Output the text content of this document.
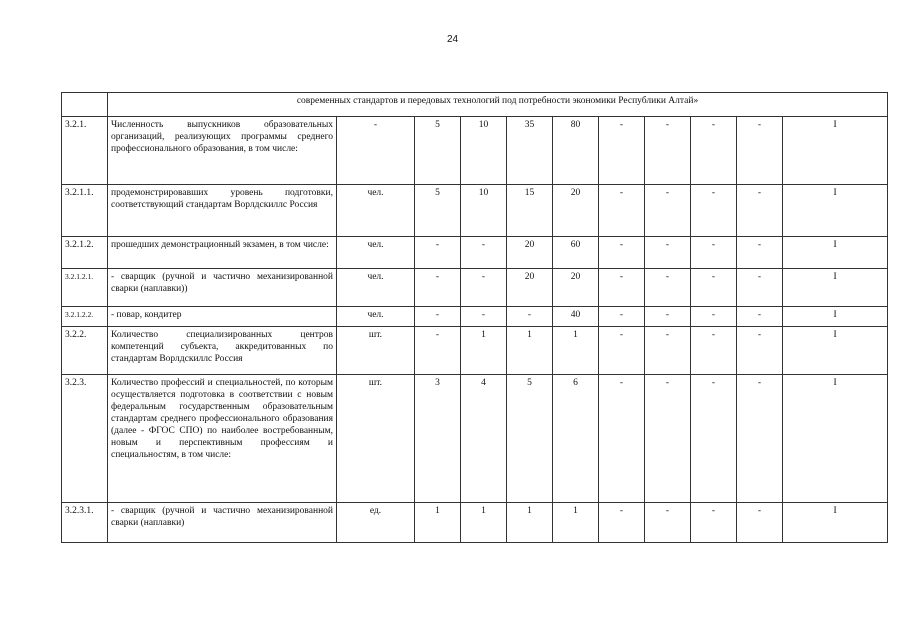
24
	современных стандартов и передовых технологий под потребности экономики Республики Алтай»										
3.2.1.	Численность выпускников образовательных организаций, реализующих программы среднего профессионального образования, в том числе:	-	5	10	35	80	-	-	-	-	I
3.2.1.1.	продемонстрировавших уровень подготовки, соответствующий стандартам Ворлдскиллс Россия	чел.	5	10	15	20	-	-	-	-	I
3.2.1.2.	прошедших демонстрационный экзамен, в том числе:	чел.	-	-	20	60	-	-	-	-	I
3.2.1.2.1.	- сварщик (ручной и частично механизированной сварки (наплавки))	чел.	-	-	20	20	-	-	-	-	I
3.2.1.2.2.	- повар, кондитер	чел.	-	-	-	40	-	-	-	-	I
3.2.2.	Количество специализированных центров компетенций субъекта, аккредитованных по стандартам Ворлдскиллс Россия	шт.	-	1	1	1	-	-	-	-	I
3.2.3.	Количество профессий и специальностей, по которым осуществляется подготовка в соответствии с новым федеральным государственным образовательным стандартам среднего профессионального образования (далее - ФГОС СПО) по наиболее востребованным, новым и перспективным профессиям и специальностям, в том числе:	шт.	3	4	5	6	-	-	-	-	I
3.2.3.1.	- сварщик (ручной и частично механизированной сварки (наплавки)	ед.	1	1	1	1	-	-	-	-	I
